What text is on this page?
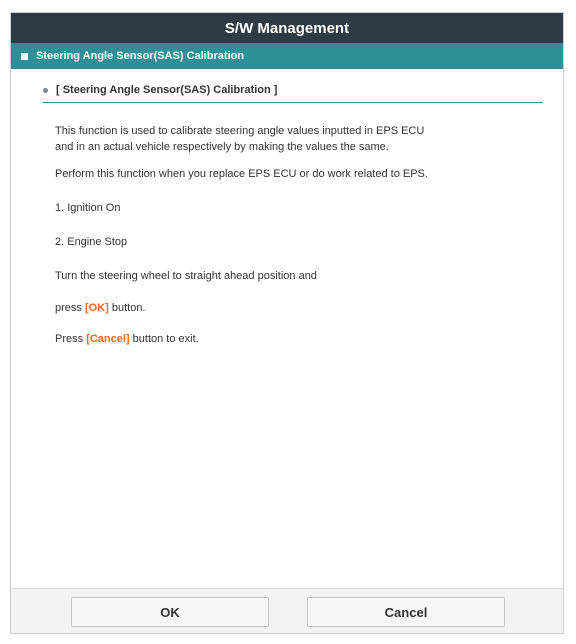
S/W Management
Steering Angle Sensor(SAS) Calibration
[ Steering Angle Sensor(SAS) Calibration ]
This function is used to calibrate steering angle values inputted in EPS ECU
and in an actual vehicle respectively by making the values the same.
Perform this function when you replace EPS ECU or do work related to EPS.
1. Ignition On
2. Engine Stop
Turn the steering wheel to straight ahead position and
press [OK] button.
Press [Cancel] button to exit.
OK	Cancel
